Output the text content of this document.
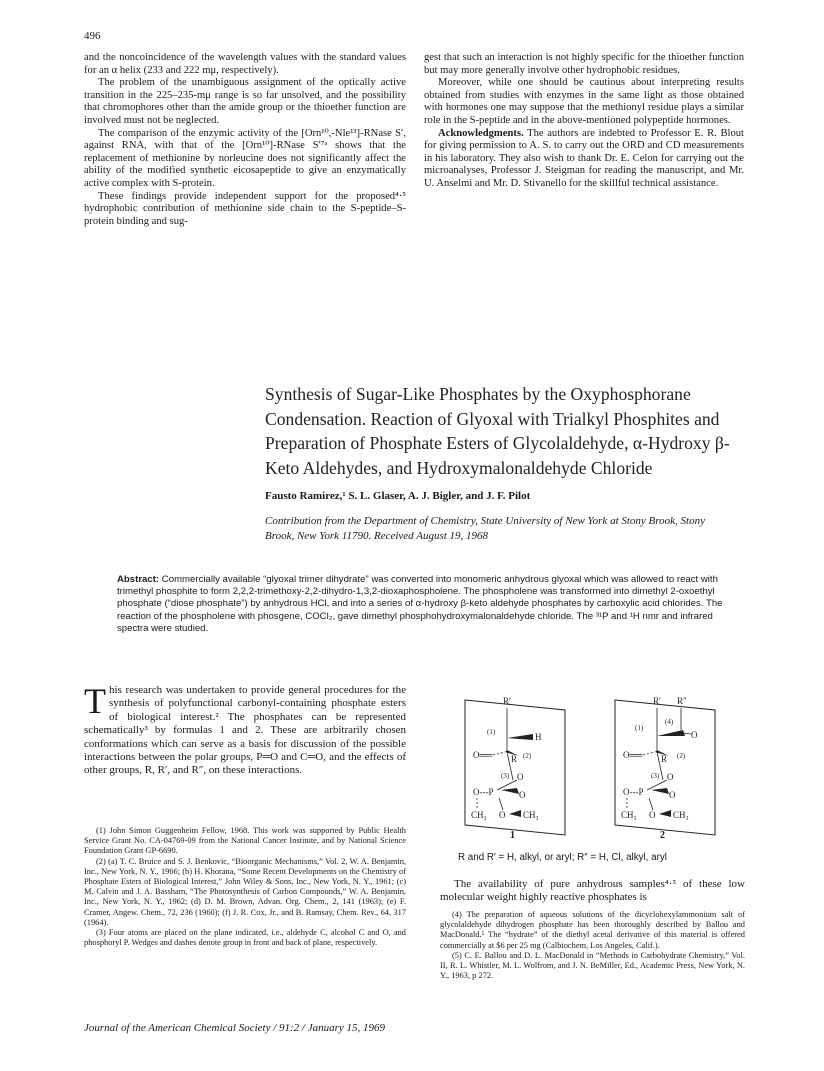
496

and the noncoincidence of the wavelength values with the standard values for an α helix (233 and 222 mμ, respectively).

The problem of the unambiguous assignment of the optically active transition in the 225–235-mμ range is so far unsolved, and the possibility that chromophores other than the amide group or the thioether function are involved must not be neglected.

The comparison of the enzymic activity of the [Orn¹⁰,-Nle¹³]-RNase S′, against RNA, with that of the [Orn¹⁰]-RNase S′⁷ᵃ shows that the replacement of methionine by norleucine does not significantly affect the ability of the modified synthetic eicosapeptide to give an enzymatically active complex with S-protein.

These findings provide independent support for the proposed⁴·⁵ hydrophobic contribution of methionine side chain to the S-peptide–S-protein binding and sug-

gest that such an interaction is not highly specific for the thioether function but may more generally involve other hydrophobic residues.

Moreover, while one should be cautious about interpreting results obtained from studies with enzymes in the same light as those obtained with hormones one may suppose that the methionyl residue plays a similar role in the S-peptide and in the above-mentioned polypeptide hormones.

Acknowledgments. The authors are indebted to Professor E. R. Blout for giving permission to A. S. to carry out the ORD and CD measurements in his laboratory. They also wish to thank Dr. E. Celon for carrying out the microanalyses, Professor J. Steigman for reading the manuscript, and Mr. U. Anselmi and Mr. D. Stivanello for the skillful technical assistance.

Synthesis of Sugar-Like Phosphates by the Oxyphosphorane Condensation. Reaction of Glyoxal with Trialkyl Phosphites and Preparation of Phosphate Esters of Glycolaldehyde, α-Hydroxy β-Keto Aldehydes, and Hydroxymalonaldehyde Chloride
Fausto Ramirez,¹ S. L. Glaser, A. J. Bigler, and J. F. Pilot
Contribution from the Department of Chemistry, State University of New York at Stony Brook, Stony Brook, New York 11790. Received August 19, 1968
Abstract: Commercially available “glyoxal trimer dihydrate” was converted into monomeric anhydrous glyoxal which was allowed to react with trimethyl phosphite to form 2,2,2-trimethoxy-2,2-dihydro-1,3,2-dioxaphospholene. The phospholene was transformed into dimethyl 2-oxoethyl phosphate (“diose phosphate”) by anhydrous HCl, and into a series of α-hydroxy β-keto aldehyde phosphates by carboxylic acid chlorides. The reaction of the phospholene with phosgene, COCl₂, gave dimethyl phosphohydroxymalonaldehyde chloride. The ³¹P and ¹H nmr and infrared spectra were studied.

This research was undertaken to provide general procedures for the synthesis of polyfunctional carbonyl-containing phosphate esters of biological interest.² The phosphates can be represented schematically³ by formulas 1 and 2. These are arbitrarily chosen conformations which can serve as a basis for discussion of the possible interactions between the polar groups, P═O and C═O, and the effects of other groups, R, R′, and R″, on these interactions.

(1) John Simon Guggenheim Fellow, 1968. This work was supported by Public Health Service Grant No. CA-04769-09 from the National Cancer Institute, and by National Science Foundation Grant GP-6690.

(2) (a) T. C. Bruice and S. J. Benkovic, “Bioorganic Mechanisms,” Vol. 2, W. A. Benjamin, Inc., New York, N. Y., 1966; (b) H. Khorana, “Some Recent Developments on the Chemistry of Phosphate Esters of Biological Interest,” John Wiley & Sons, Inc., New York, N. Y., 1961; (c) M. Calvin and J. A. Bassham, “The Photosynthesis of Carbon Compounds,” W. A. Benjamin, Inc., New York, N. Y., 1962; (d) D. M. Brown, Advan. Org. Chem., 2, 141 (1963); (e) F. Cramer, Angew. Chem., 72, 236 (1960); (f) J. R. Cox, Jr., and B. Ramsay, Chem. Rev., 64, 317 (1964).

(3) Four atoms are placed on the plane indicated, i.e., aldehyde C, alcohol C and O, and phosphoryl P. Wedges and dashes denote group in front and back of plane, respectively.

R′
(1)	H
O══ R (2)
(3) O
O---P	O
CH₃ O CH₃
R′ R″
(1)
(4)
O
O══ R (2)
(3) O
O---P	O
CH₃ O CH₃
1	2
R and R′ = H, alkyl, or aryl; R″ = H, Cl, alkyl, aryl

The availability of pure anhydrous samples⁴·⁵ of these low molecular weight highly reactive phosphates is

(4) The preparation of aqueous solutions of the dicyclohexylammonium salt of glycolaldehyde dihydrogen phosphate has been thoroughly described by Ballou and MacDonald.⁵ The “hydrate” of the diethyl acetal derivative of this material is offered commercially at $6 per 25 mg (Calbiochem, Los Angeles, Calif.).

(5) C. E. Ballou and D. L. MacDonald in “Methods in Carbohydrate Chemistry,” Vol. II, R. L. Whistler, M. L. Wolfrom, and J. N. BeMiller, Ed., Academic Press, New York, N. Y., 1963, p 272.

Journal of the American Chemical Society / 91:2 / January 15, 1969
